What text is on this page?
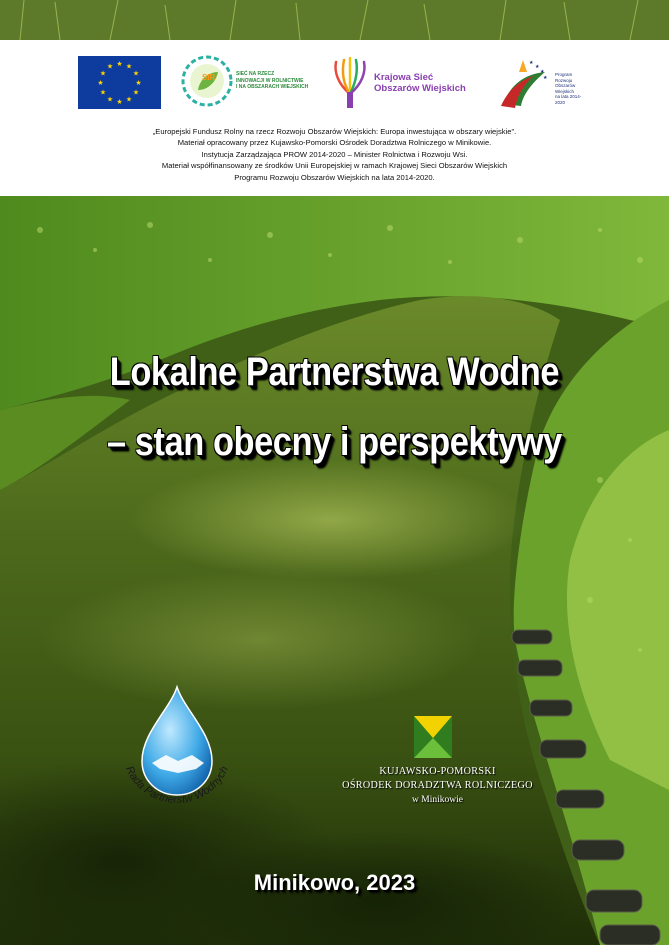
★ ★
★
★
★
★
★
★
★
★
★
★
SIR	SIEĆ NA RZECZ
INNOWACJI W ROLNICTWIE
I NA OBSZARACH WIEJSKICH
Krajowa Sieć
Obszarów Wiejskich
★
★
★
★
Program
Rozwoju
Obszarów
Wiejskich
na lata 2014-2020
„Europejski Fundusz Rolny na rzecz Rozwoju Obszarów Wiejskich: Europa inwestująca w obszary wiejskie".
Materiał opracowany przez Kujawsko-Pomorski Ośrodek Doradztwa Rolniczego w Minikowie.
Instytucja Zarządzająca PROW 2014-2020 – Minister Rolnictwa i Rozwoju Wsi.
Materiał współfinansowany ze środków Unii Europejskiej w ramach Krajowej Sieci Obszarów Wiejskich
Programu Rozwoju Obszarów Wiejskich na lata 2014-2020.
Lokalne Partnerstwa Wodne
– stan obecny i perspektywy
Rada Partnerstw Wodnych	KUJAWSKO-POMORSKI
OŚRODEK DORADZTWA ROLNICZEGO
w Minikowie
Minikowo, 2023
